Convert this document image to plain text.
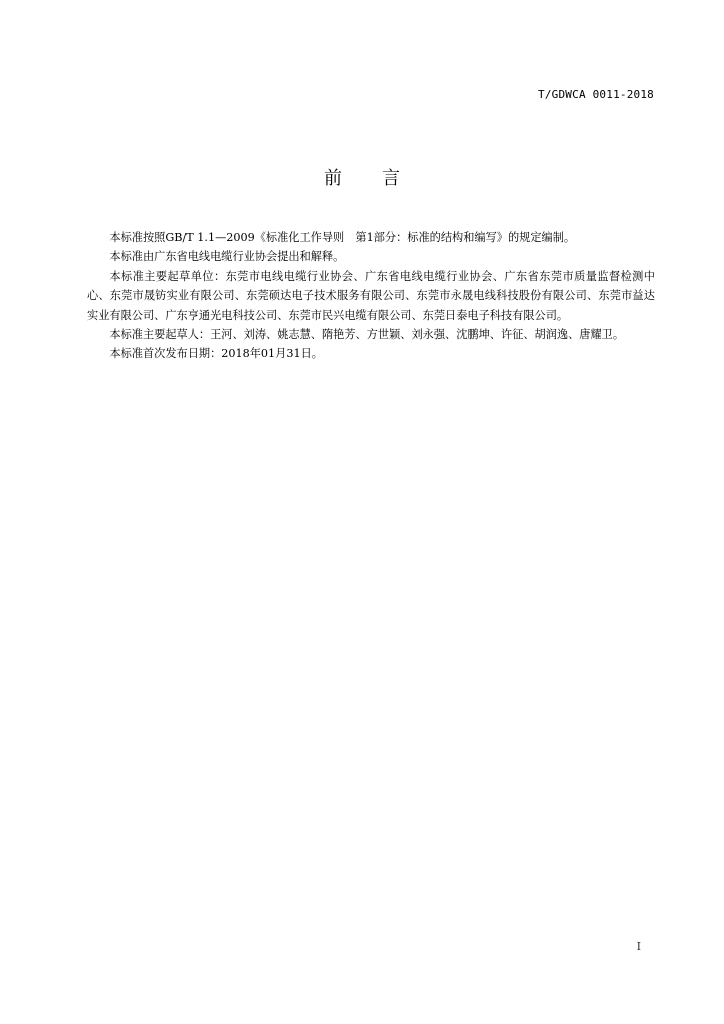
T/GDWCA 0011-2018
前言

本标准按照GB/T 1.1—2009《标准化工作导则　第1部分：标准的结构和编写》的规定编制。

本标准由广东省电线电缆行业协会提出和解释。

本标准主要起草单位：东莞市电线电缆行业协会、广东省电线电缆行业协会、广东省东莞市质量监督检测中心、东莞市晟钫实业有限公司、东莞硕达电子技术服务有限公司、东莞市永晟电线科技股份有限公司、东莞市益达实业有限公司、广东亨通光电科技公司、东莞市民兴电缆有限公司、东莞日泰电子科技有限公司。

本标准主要起草人：王河、刘涛、姚志慧、隋艳芳、方世颖、刘永强、沈鹏坤、许征、胡润逸、唐耀卫。

本标准首次发布日期：2018年01月31日。

I
